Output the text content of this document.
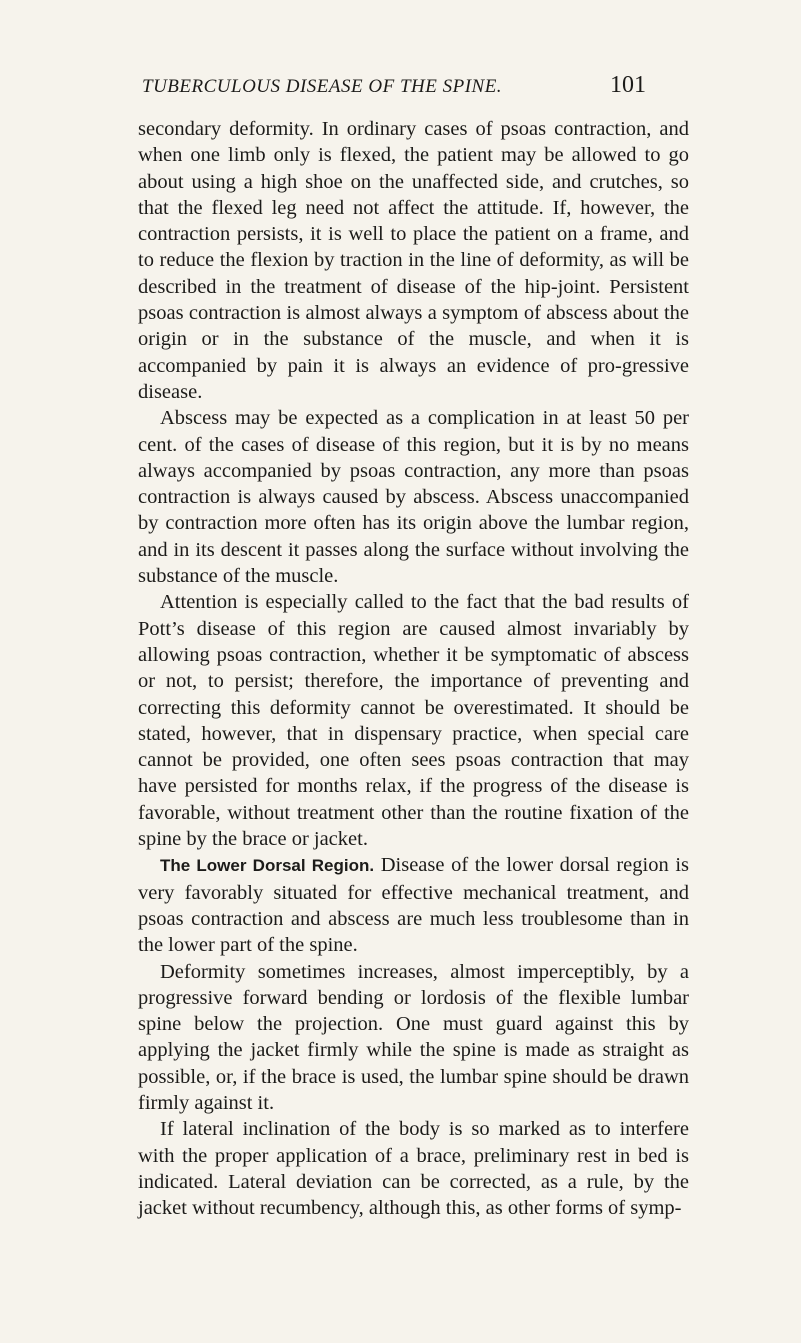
TUBERCULOUS DISEASE OF THE SPINE.	101

secondary deformity. In ordinary cases of psoas contraction, and when one limb only is flexed, the patient may be allowed to go about using a high shoe on the unaffected side, and crutches, so that the flexed leg need not affect the attitude. If, however, the contraction persists, it is well to place the patient on a frame, and to reduce the flexion by traction in the line of deformity, as will be described in the treatment of disease of the hip-joint. Persistent psoas contraction is almost always a symptom of abscess about the origin or in the substance of the muscle, and when it is accompanied by pain it is always an evidence of pro-gressive disease.

Abscess may be expected as a complication in at least 50 per cent. of the cases of disease of this region, but it is by no means always accompanied by psoas contraction, any more than psoas contraction is always caused by abscess. Abscess unaccompanied by contraction more often has its origin above the lumbar region, and in its descent it passes along the surface without involving the substance of the muscle.

Attention is especially called to the fact that the bad results of Pott’s disease of this region are caused almost invariably by allowing psoas contraction, whether it be symptomatic of abscess or not, to persist; therefore, the importance of preventing and correcting this deformity cannot be overestimated. It should be stated, however, that in dispensary practice, when special care cannot be provided, one often sees psoas contraction that may have persisted for months relax, if the progress of the disease is favorable, without treatment other than the routine fixation of the spine by the brace or jacket.

The Lower Dorsal Region. Disease of the lower dorsal region is very favorably situated for effective mechanical treatment, and psoas contraction and abscess are much less troublesome than in the lower part of the spine.

Deformity sometimes increases, almost imperceptibly, by a progressive forward bending or lordosis of the flexible lumbar spine below the projection. One must guard against this by applying the jacket firmly while the spine is made as straight as possible, or, if the brace is used, the lumbar spine should be drawn firmly against it.

If lateral inclination of the body is so marked as to interfere with the proper application of a brace, preliminary rest in bed is indicated. Lateral deviation can be corrected, as a rule, by the jacket without recumbency, although this, as other forms of symp-
